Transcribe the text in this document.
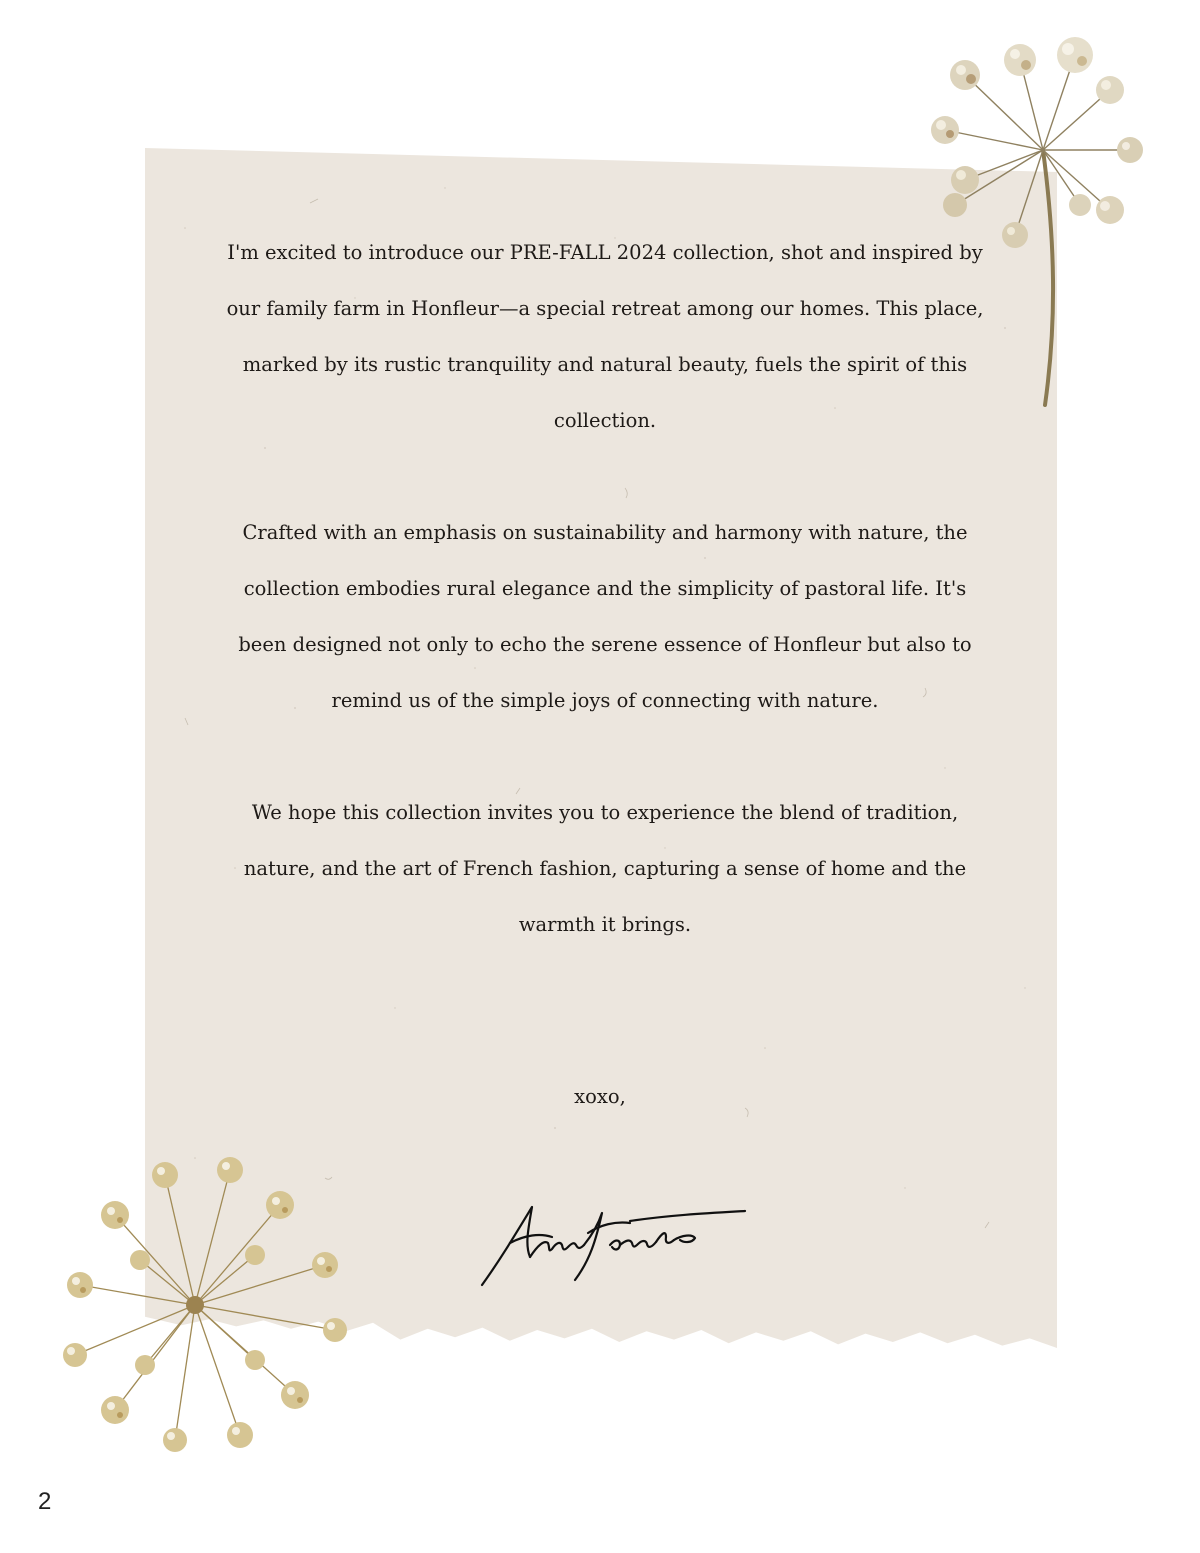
I'm excited to introduce our PRE-FALL 2024 collection, shot and inspired by our family farm in Honfleur—a special retreat among our homes. This place, marked by its rustic tranquility and natural beauty, fuels the spirit of this collection.

Crafted with an emphasis on sustainability and harmony with nature, the collection embodies rural elegance and the simplicity of pastoral life. It's been designed not only to echo the serene essence of Honfleur but also to remind us of the simple joys of connecting with nature.

We hope this collection invites you to experience the blend of tradition, nature, and the art of French fashion, capturing a sense of home and the warmth it brings.

xoxo,
2
